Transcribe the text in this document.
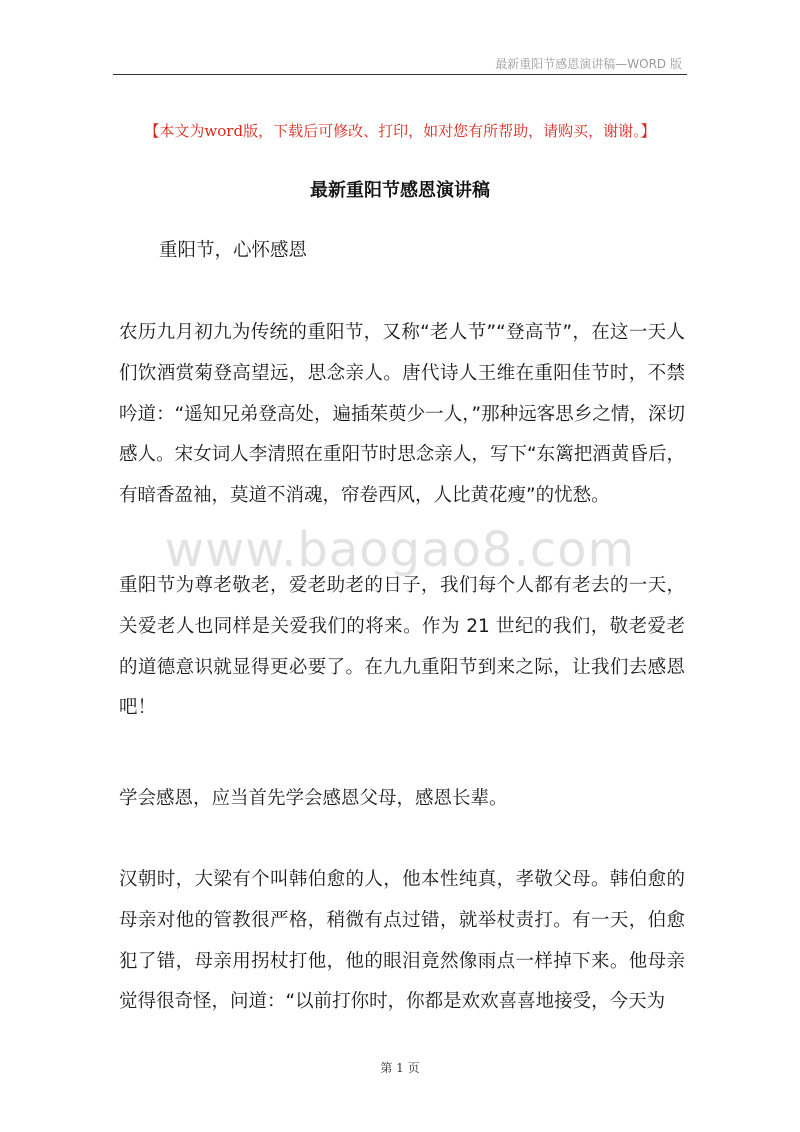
最新重阳节感恩演讲稿—WORD 版
【本文为word版，下载后可修改、打印，如对您有所帮助，请购买，谢谢。】
最新重阳节感恩演讲稿

重阳节，心怀感恩

农历九月初九为传统的重阳节，又称“老人节”“登高节”，在这一天人们饮酒赏菊登高望远，思念亲人。唐代诗人王维在重阳佳节时，不禁吟道：“遥知兄弟登高处，遍插茱萸少一人，”那种远客思乡之情，深切感人。宋女词人李清照在重阳节时思念亲人，写下“东篱把酒黄昏后，有暗香盈袖，莫道不消魂，帘卷西风，人比黄花瘦”的忧愁。

www.baogao8.com

重阳节为尊老敬老，爱老助老的日子，我们每个人都有老去的一天，关爱老人也同样是关爱我们的将来。作为 21 世纪的我们，敬老爱老的道德意识就显得更必要了。在九九重阳节到来之际，让我们去感恩吧！

学会感恩，应当首先学会感恩父母，感恩长辈。

汉朝时，大梁有个叫韩伯愈的人，他本性纯真，孝敬父母。韩伯愈的母亲对他的管教很严格，稍微有点过错，就举杖责打。有一天，伯愈犯了错，母亲用拐杖打他，他的眼泪竟然像雨点一样掉下来。他母亲觉得很奇怪，问道：“以前打你时，你都是欢欢喜喜地接受，今天为

第 1 页
